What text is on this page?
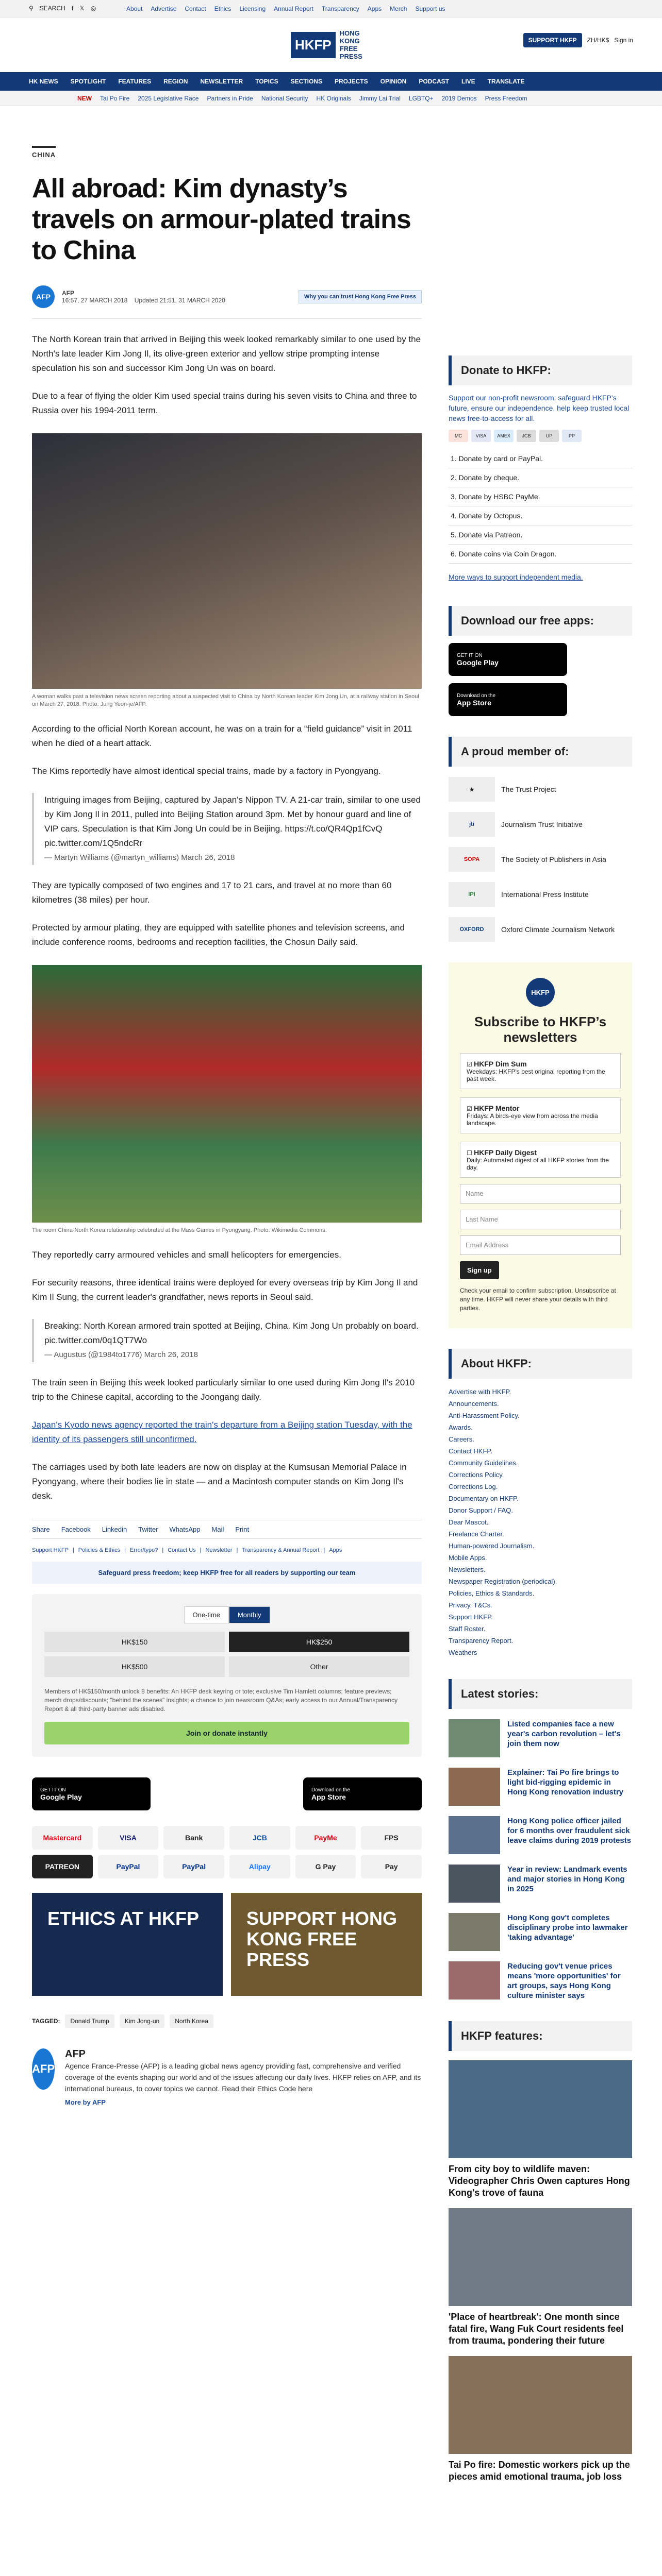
⚲ SEARCH f 𝕏 ◎	About Advertise Contact Ethics Licensing Annual Report Transparency Apps Merch Support us
HKFP
HONG KONG FREE PRESS
SUPPORT HKFP	ZH/HK$ Sign in
HK NEWS SPOTLIGHT FEATURES REGION NEWSLETTER TOPICS SECTIONS PROJECTS OPINION PODCAST LIVE TRANSLATE
NEW Tai Po Fire 2025 Legislative Race Partners in Pride National Security HK Originals Jimmy Lai Trial LGBTQ+ 2019 Demos Press Freedom
CHINA
All abroad: Kim dynasty’s travels on armour-plated trains to China
AFP	AFP
16:57, 27 MARCH 2018 Updated 21:51, 31 MARCH 2020	Why you can trust Hong Kong Free Press

The North Korean train that arrived in Beijing this week looked remarkably similar to one used by the North's late leader Kim Jong Il, its olive-green exterior and yellow stripe prompting intense speculation his son and successor Kim Jong Un was on board.

Due to a fear of flying the older Kim used special trains during his seven visits to China and three to Russia over his 1994-2011 term.

A woman walks past a television news screen reporting about a suspected visit to China by North Korean leader Kim Jong Un, at a railway station in Seoul on March 27, 2018. Photo: Jung Yeon-je/AFP.

According to the official North Korean account, he was on a train for a “field guidance” visit in 2011 when he died of a heart attack.

The Kims reportedly have almost identical special trains, made by a factory in Pyongyang.

Intriguing images from Beijing, captured by Japan's Nippon TV. A 21-car train, similar to one used by Kim Jong Il in 2011, pulled into Beijing Station around 3pm. Met by honour guard and line of VIP cars. Speculation is that Kim Jong Un could be in Beijing. https://t.co/QR4Qp1fCvQ pic.twitter.com/1Q5ndcRr
— Martyn Williams (@martyn_williams) March 26, 2018

They are typically composed of two engines and 17 to 21 cars, and travel at no more than 60 kilometres (38 miles) per hour.

Protected by armour plating, they are equipped with satellite phones and television screens, and include conference rooms, bedrooms and reception facilities, the Chosun Daily said.

The room China-North Korea relationship celebrated at the Mass Games in Pyongyang. Photo: Wikimedia Commons.

They reportedly carry armoured vehicles and small helicopters for emergencies.

For security reasons, three identical trains were deployed for every overseas trip by Kim Jong Il and Kim Il Sung, the current leader's grandfather, news reports in Seoul said.

Breaking: North Korean armored train spotted at Beijing, China. Kim Jong Un probably on board. pic.twitter.com/0q1QT7Wo
— Augustus (@1984to1776) March 26, 2018

The train seen in Beijing this week looked particularly similar to one used during Kim Jong Il's 2010 trip to the Chinese capital, according to the Joongang daily.

Japan's Kyodo news agency reported the train's departure from a Beijing station Tuesday, with the identity of its passengers still unconfirmed.

The carriages used by both late leaders are now on display at the Kumsusan Memorial Palace in Pyongyang, where their bodies lie in state — and a Macintosh computer stands on Kim Jong Il's desk.

Share Facebook Linkedin Twitter WhatsApp Mail Print
Support HKFP | Policies & Ethics | Error/typo? | Contact Us | Newsletter | Transparency & Annual Report | Apps
Safeguard press freedom; keep HKFP free for all readers by supporting our team
One-time	Monthly
HK$150	HK$250
HK$500	Other
Members of HK$150/month unlock 8 benefits: An HKFP desk keyring or tote; exclusive Tim Hamlett columns; feature previews; merch drops/discounts; "behind the scenes" insights; a chance to join newsroom Q&As; early access to our Annual/Transparency Report & all third-party banner ads disabled.
Join or donate instantly
GET IT ON
Google Play
Download on the
App Store
Mastercard	VISA	Bank	JCB	PayMe	FPS
PATREON	PayPal	PayPal	Alipay	G Pay	Pay
ETHICS AT HKFP	SUPPORT HONG KONG FREE PRESS
TAGGED:	Donald Trump	Kim Jong-un	North Korea
AFP
AFP
Agence France-Presse (AFP) is a leading global news agency providing fast, comprehensive and verified coverage of the events shaping our world and of the issues affecting our daily lives. HKFP relies on AFP, and its international bureaus, to cover topics we cannot. Read their Ethics Code here
More by AFP
Donate to HKFP:
Support our non-profit newsroom: safeguard HKFP’s future, ensure our independence, help keep trusted local news free-to-access for all.
MC	VISA	AMEX	JCB	UP	PP
1. Donate by card or PayPal.
2. Donate by cheque.
3. Donate by HSBC PayMe.
4. Donate by Octopus.
5. Donate via Patreon.
6. Donate coins via Coin Dragon.
More ways to support independent media.
Download our free apps:
GET IT ON
Google Play
Download on the
App Store
A proud member of:
★	The Trust Project
jti	Journalism Trust Initiative
SOPA	The Society of Publishers in Asia
IPI	International Press Institute
OXFORD	Oxford Climate Journalism Network
HKFP
Subscribe to HKFP’s newsletters
☑ HKFP Dim Sum
Weekdays: HKFP's best original reporting from the past week.
☑ HKFP Mentor
Fridays: A birds-eye view from across the media landscape.
☐ HKFP Daily Digest
Daily: Automated digest of all HKFP stories from the day.
Name
Last Name
Email Address
Sign up
Check your email to confirm subscription. Unsubscribe at any time. HKFP will never share your details with third parties.
About HKFP:
Advertise with HKFP.
Announcements.
Anti-Harassment Policy.
Awards.
Careers.
Contact HKFP.
Community Guidelines.
Corrections Policy.
Corrections Log.
Documentary on HKFP.
Donor Support / FAQ.
Dear Mascot.
Freelance Charter.
Human-powered Journalism.
Mobile Apps.
Newsletters.
Newspaper Registration (periodical).
Policies, Ethics & Standards.
Privacy, T&Cs.
Support HKFP.
Staff Roster.
Transparency Report.
Weathers
Latest stories:
Listed companies face a new year's carbon revolution – let's join them now
Explainer: Tai Po fire brings to light bid-rigging epidemic in Hong Kong renovation industry
Hong Kong police officer jailed for 6 months over fraudulent sick leave claims during 2019 protests
Year in review: Landmark events and major stories in Hong Kong in 2025
Hong Kong gov't completes disciplinary probe into lawmaker 'taking advantage'
Reducing gov't venue prices means 'more opportunities' for art groups, says Hong Kong culture minister says
HKFP features:
From city boy to wildlife maven: Videographer Chris Owen captures Hong Kong's trove of fauna
'Place of heartbreak': One month since fatal fire, Wang Fuk Court residents feel from trauma, pondering their future
Tai Po fire: Domestic workers pick up the pieces amid emotional trauma, job loss
